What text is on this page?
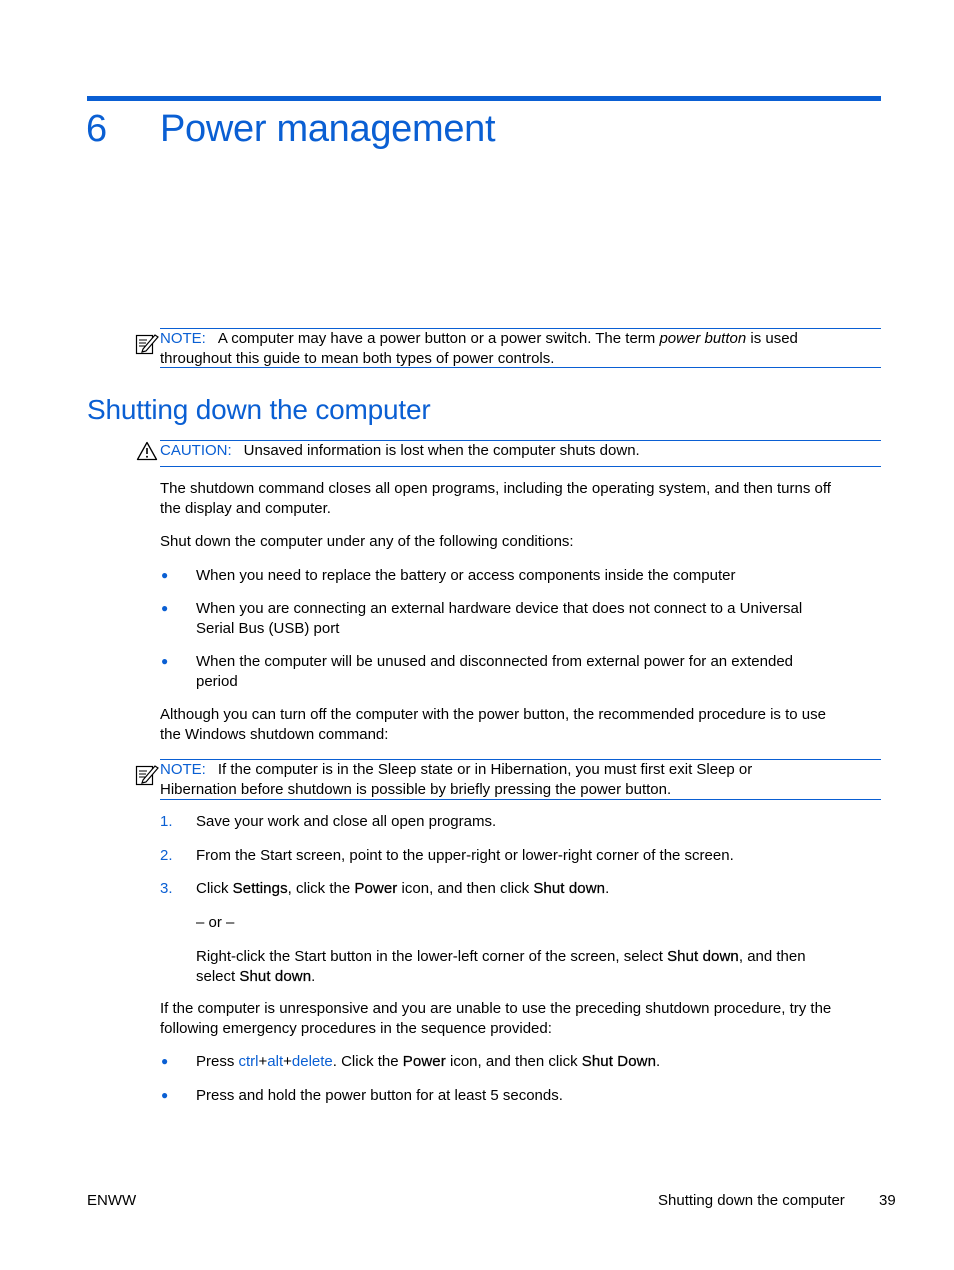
6 Power management
NOTE: A computer may have a power button or a power switch. The term power button is used
throughout this guide to mean both types of power controls.
Shutting down the computer
CAUTION: Unsaved information is lost when the computer shuts down.
The shutdown command closes all open programs, including the operating system, and then turns off
the display and computer.
Shut down the computer under any of the following conditions:
● When you need to replace the battery or access components inside the computer
● When you are connecting an external hardware device that does not connect to a Universal
Serial Bus (USB) port
● When the computer will be unused and disconnected from external power for an extended
period
Although you can turn off the computer with the power button, the recommended procedure is to use
the Windows shutdown command:
NOTE: If the computer is in the Sleep state or in Hibernation, you must first exit Sleep or
Hibernation before shutdown is possible by briefly pressing the power button.
1. Save your work and close all open programs.
2. From the Start screen, point to the upper-right or lower-right corner of the screen.
3. Click Settings, click the Power icon, and then click Shut down.
– or –
Right-click the Start button in the lower-left corner of the screen, select Shut down, and then
select Shut down.
If the computer is unresponsive and you are unable to use the preceding shutdown procedure, try the
following emergency procedures in the sequence provided:
● Press ctrl+alt+delete. Click the Power icon, and then click Shut Down.
● Press and hold the power button for at least 5 seconds.
ENWW	Shutting down the computer 39
